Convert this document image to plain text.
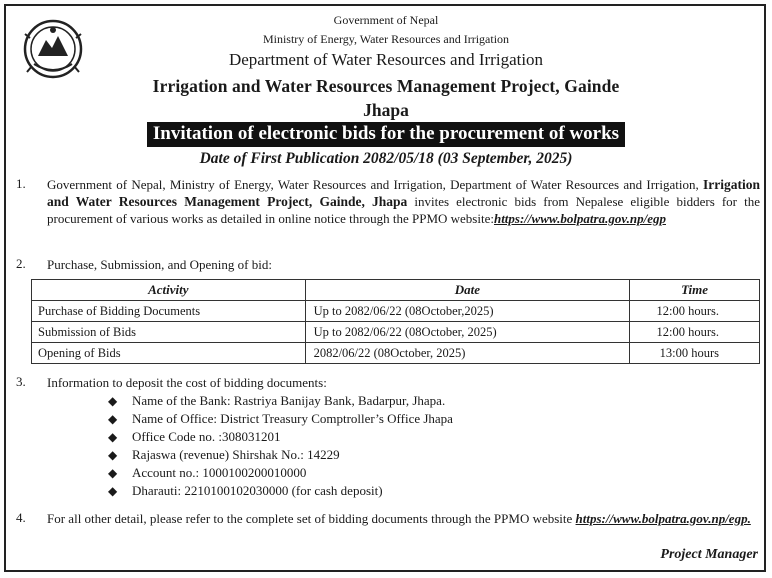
Government of Nepal
Ministry of Energy, Water Resources and Irrigation
Department of Water Resources and Irrigation
Irrigation and Water Resources Management Project, Gainde
Jhapa
Invitation of electronic bids for the procurement of works
Date of First Publication 2082/05/18 (03 September, 2025)
1. Government of Nepal, Ministry of Energy, Water Resources and Irrigation, Department of Water Resources and Irrigation, Irrigation and Water Resources Management Project, Gainde, Jhapa invites electronic bids from Nepalese eligible bidders for the procurement of various works as detailed in online notice through the PPMO website:https://www.bolpatra.gov.np/egp
2. Purchase, Submission, and Opening of bid:
Activity	Date	Time
Purchase of Bidding Documents	Up to 2082/06/22 (08October,2025)	12:00 hours.
Submission of Bids	Up to 2082/06/22 (08October, 2025)	12:00 hours.
Opening of Bids	2082/06/22 (08October, 2025)	13:00 hours
3. Information to deposit the cost of bidding documents:
◆ Name of the Bank: Rastriya Banijay Bank, Badarpur, Jhapa.
◆ Name of Office: District Treasury Comptroller’s Office Jhapa
◆ Office Code no. :308031201
◆ Rajaswa (revenue) Shirshak No.: 14229
◆ Account no.: 1000100200010000
◆ Dharauti: 2210100102030000 (for cash deposit)
4. For all other detail, please refer to the complete set of bidding documents through the PPMO website https://www.bolpatra.gov.np/egp.
Project Manager
